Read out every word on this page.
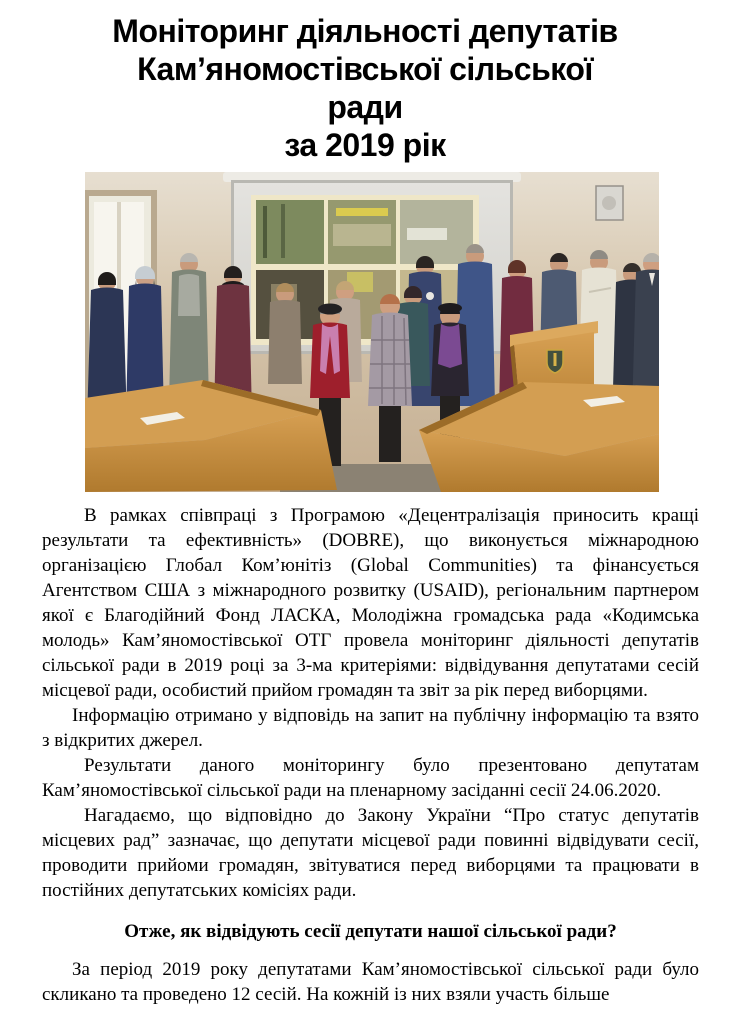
Моніторинг діяльності депутатів
Кам’яномостівської сільської
ради
за 2019 рік

В рамках співпраці з Програмою «Децентралізація приносить кращі результати та ефективність» (DOBRE), що виконується міжнародною організацією Глобал Ком’юнітіз (Global Communities) та фінансується Агентством США з міжнародного розвитку (USAID), регіональним партнером якої є Благодійний Фонд ЛАСКА, Молодіжна громадська рада «Кодимська молодь» Кам’яномостівської ОТГ провела моніторинг діяльності депутатів сільської ради в 2019 році за 3-ма критеріями: відвідування депутатами сесій місцевої ради, особистий прийом громадян та звіт за рік перед виборцями.

Інформацію отримано у відповідь на запит на публічну інформацію та взято з відкритих джерел.

Результати даного моніторингу було презентовано депутатам Кам’яномостівської сільської ради на пленарному засіданні сесії 24.06.2020.

Нагадаємо, що відповідно до Закону України “Про статус депутатів місцевих рад” зазначає, що депутати місцевої ради повинні відвідувати сесії, проводити прийоми громадян, звітуватися перед виборцями та працювати в постійних депутатських комісіях ради.

Отже, як відвідують сесії депутати нашої сільської ради?

За період 2019 року депутатами Кам’яномостівської сільської ради було скликано та проведено 12 сесій. На кожній із них взяли участь більше
